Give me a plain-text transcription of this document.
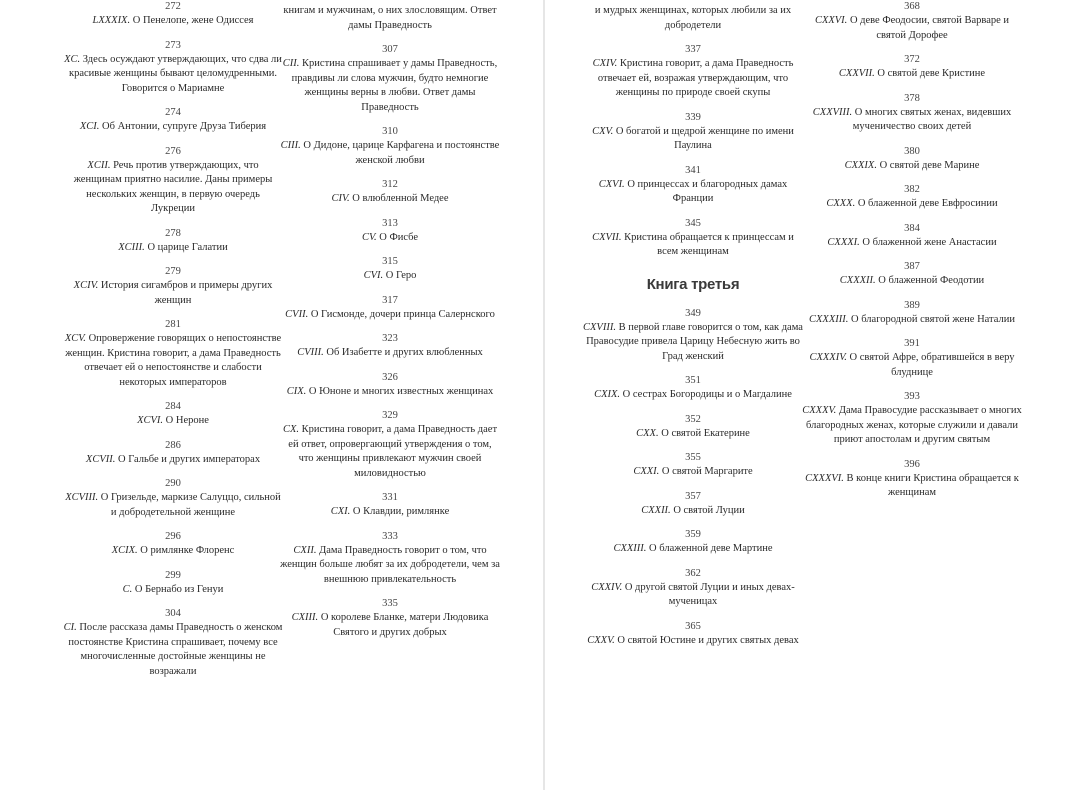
272
LXXXIX. О Пенелопе, жене Одиссея
273
XC. Здесь осуждают утверждающих, что сдва ли красивые женщины бывают целомудренными. Говорится о Мариамне
274
XCI. Об Антонии, супруге Друза Тиберия
276
XCII. Речь против утверждающих, что женщинам приятно насилие. Даны примеры нескольких женщин, в первую очередь Лукреции
278
XCIII. О царице Галатии
279
XCIV. История сигамбров и примеры других женщин
281
XCV. Опровержение говорящих о непостоянстве женщин. Кристина говорит, а дама Праведность отвечает ей о непостоянстве и слабости некоторых императоров
284
XCVI. О Нероне
286
XCVII. О Гальбе и других императорах
290
XCVIII. О Гризельде, маркизе Салуццо, сильной и добродетельной женщине
296
XCIX. О римлянке Флоренс
299
C. О Бернабо из Генуи
304
CI. После рассказа дамы Праведность о женском постоянстве Кристина спрашивает, почему все многочисленные достойные женщины не возражали
книгам и мужчинам, о них злословящим. Ответ дамы Праведность
307
CII. Кристина спрашивает у дамы Праведность, правдивы ли слова мужчин, будто немногие женщины верны в любви. Ответ дамы Праведность
310
CIII. О Дидоне, царице Карфагена и постоянстве женской любви
312
CIV. О влюбленной Медее
313
CV. О Фисбе
315
CVI. О Геро
317
CVII. О Гисмонде, дочери принца Салернского
323
CVIII. Об Изабетте и других влюбленных
326
CIX. О Юноне и многих известных женщинах
329
CX. Кристина говорит, а дама Праведность дает ей ответ, опровергающий утверждения о том, что женщины привлекают мужчин своей миловидностью
331
CXI. О Клавдии, римлянке
333
CXII. Дама Праведность говорит о том, что женщин больше любят за их добродетели, чем за внешнюю привлекательность
335
CXIII. О королеве Бланке, матери Людовика Святого и других добрых
и мудрых женщинах, которых любили за их добродетели
337
CXIV. Кристина говорит, а дама Праведность отвечает ей, возражая утверждающим, что женщины по природе своей скупы
339
CXV. О богатой и щедрой женщине по имени Паулина
341
CXVI. О принцессах и благородных дамах Франции
345
CXVII. Кристина обращается к принцессам и всем женщинам
Книга третья
349
CXVIII. В первой главе говорится о том, как дама Правосудие привела Царицу Небесную жить во Град женский
351
CXIX. О сестрах Богородицы и о Магдалине
352
CXX. О святой Екатерине
355
CXXI. О святой Маргарите
357
CXXII. О святой Луции
359
CXXIII. О блаженной деве Мартине
362
CXXIV. О другой святой Луции и иных девах-мученицах
365
CXXV. О святой Юстине и других святых девах
368
CXXVI. О деве Феодосии, святой Варваре и святой Дорофее
372
CXXVII. О святой деве Кристине
378
CXXVIII. О многих святых женах, видевших мученичество своих детей
380
CXXIX. О святой деве Марине
382
CXXX. О блаженной деве Евфросинии
384
CXXXI. О блаженной жене Анастасии
387
CXXXII. О блаженной Феодотии
389
CXXXIII. О благородной святой жене Наталии
391
CXXXIV. О святой Афре, обратившейся в веру блуднице
393
CXXXV. Дама Правосудие рассказывает о многих благородных женах, которые служили и давали приют апостолам и другим святым
396
CXXXVI. В конце книги Кристина обращается к женщинам
